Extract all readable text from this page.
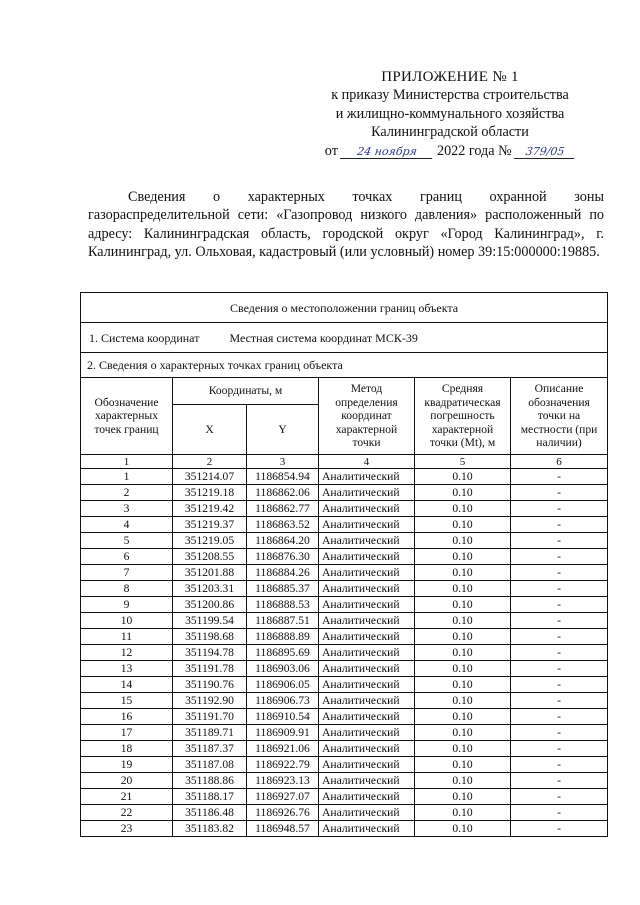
ПРИЛОЖЕНИЕ № 1
к приказу Министерства строительства
и жилищно-коммунального хозяйства
Калининградской области
от 24 ноября 2022 года № 379/05
Сведения о характерных точках границ охранной зоны газораспределительной сети: «Газопровод низкого давления» расположенный по адресу: Калининградская область, городской округ «Город Калининград», г. Калининград, ул. Ольховая, кадастровый (или условный) номер 39:15:000000:19885.
Сведения о местоположении границ объекта					
1. Система координат Местная система координат МСК-39					
2. Сведения о характерных точках границ объекта					
Обозначение характерных точек границ	Координаты, м		Метод определения координат характерной точки	Средняя квадратическая погрешность характерной точки (Mt), м	Описание обозначения точки на местности (при наличии)
	X	Y			
1	2	3	4	5	6
1	351214.07	1186854.94	Аналитический	0.10	-
2	351219.18	1186862.06	Аналитический	0.10	-
3	351219.42	1186862.77	Аналитический	0.10	-
4	351219.37	1186863.52	Аналитический	0.10	-
5	351219.05	1186864.20	Аналитический	0.10	-
6	351208.55	1186876.30	Аналитический	0.10	-
7	351201.88	1186884.26	Аналитический	0.10	-
8	351203.31	1186885.37	Аналитический	0.10	-
9	351200.86	1186888.53	Аналитический	0.10	-
10	351199.54	1186887.51	Аналитический	0.10	-
11	351198.68	1186888.89	Аналитический	0.10	-
12	351194.78	1186895.69	Аналитический	0.10	-
13	351191.78	1186903.06	Аналитический	0.10	-
14	351190.76	1186906.05	Аналитический	0.10	-
15	351192.90	1186906.73	Аналитический	0.10	-
16	351191.70	1186910.54	Аналитический	0.10	-
17	351189.71	1186909.91	Аналитический	0.10	-
18	351187.37	1186921.06	Аналитический	0.10	-
19	351187.08	1186922.79	Аналитический	0.10	-
20	351188.86	1186923.13	Аналитический	0.10	-
21	351188.17	1186927.07	Аналитический	0.10	-
22	351186.48	1186926.76	Аналитический	0.10	-
23	351183.82	1186948.57	Аналитический	0.10	-
